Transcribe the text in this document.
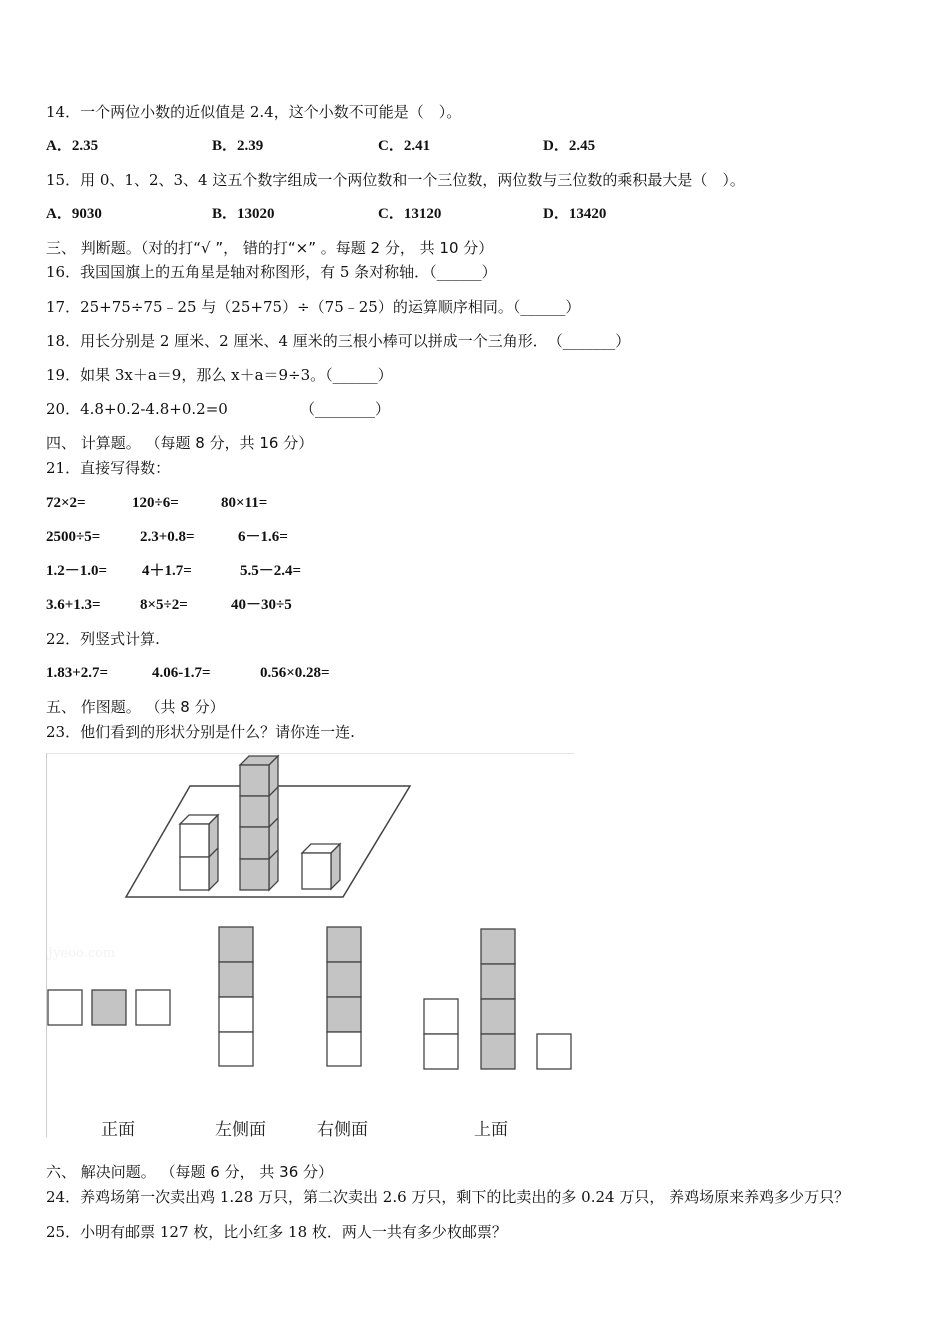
14．一个两位小数的近似值是 2.4，这个小数不可能是（　）。
A．2.35	B．2.39	C．2.41	D．2.45
15．用 0、1、2、3、4 这五个数字组成一个两位数和一个三位数，两位数与三位数的乘积最大是（　）。
A．9030	B．13020	C．13120	D．13420
三、 判断题。（对的打“√ ”， 错的打“×” 。每题 2 分， 共 10 分）
16．我国国旗上的五角星是轴对称图形，有 5 条对称轴．（______）
17．25+75÷75﹣25 与（25+75）÷（75﹣25）的运算顺序相同。（______）
18．用长分别是 2 厘米、2 厘米、4 厘米的三根小棒可以拼成一个三角形．　（_______）
19．如果 3x＋a＝9，那么 x＋a＝9÷3。（______）
20．4.8+0.2-4.8+0.2=0	（________）
四、 计算题。 （每题 8 分，共 16 分）
21．直接写得数：
72×2=	120÷6=	80×11=
2500÷5=	2.3+0.8=	6－1.6=
1.2－1.0= 4＋1.7=	5.5－2.4=
3.6+1.3=	8×5÷2=	40－30÷5
22．列竖式计算.
1.83+2.7=	4.06-1.7=	0.56×0.28=
五、 作图题。 （共 8 分）
23．他们看到的形状分别是什么？请你连一连.
Jyeoo.com
正面	左侧面	右侧面	上面
六、 解决问题。 （每题 6 分， 共 36 分）
24．养鸡场第一次卖出鸡 1.28 万只，第二次卖出 2.6 万只，剩下的比卖出的多 0.24 万只， 养鸡场原来养鸡多少万只？
25．小明有邮票 127 枚，比小红多 18 枚．两人一共有多少枚邮票？
